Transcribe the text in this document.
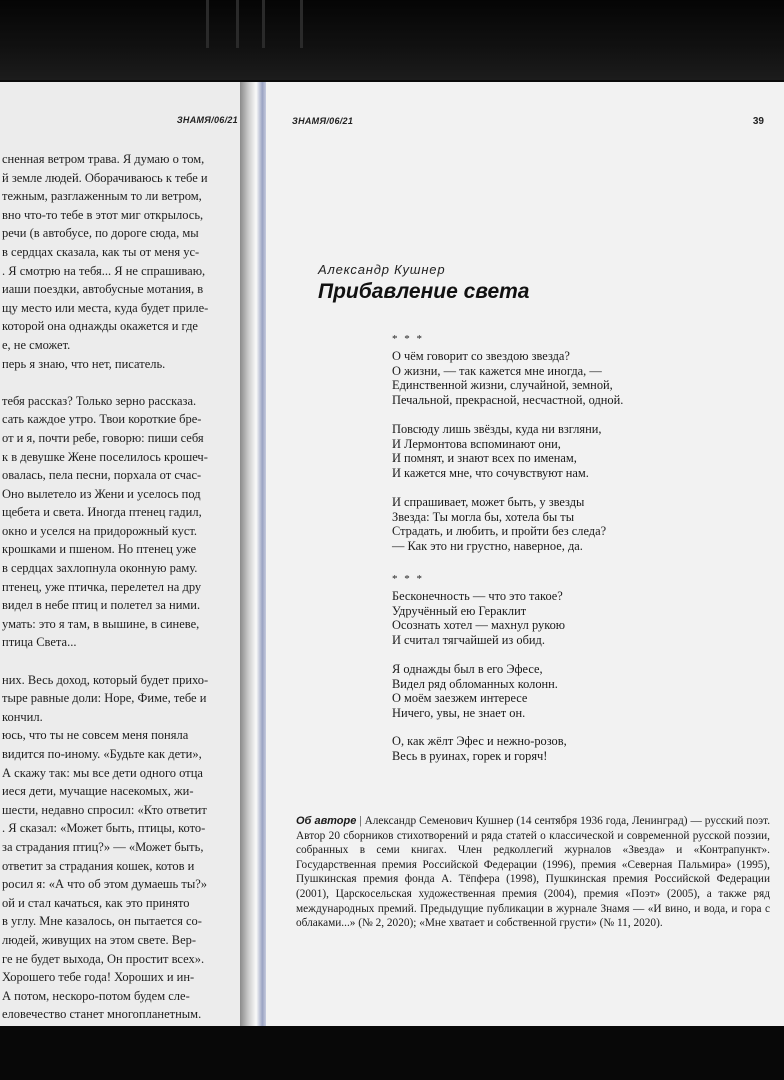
ЗНАМЯ/06/21
сненная ветром трава. Я думаю о том,
й земле людей. Оборачиваюсь к тебе и
тежным, разглаженным то ли ветром,
вно что-то тебе в этот миг открылось,
речи (в автобусе, по дороге сюда, мы
в сердцах сказала, как ты от меня ус-
. Я смотрю на тебя... Я не спрашиваю,
иаши поездки, автобусные мотания, в
щу место или места, куда будет приле-
которой она однажды окажется и где
е, не сможет.
перь я знаю, что нет, писатель.
тебя рассказ? Только зерно рассказа.
сать каждое утро. Твои короткие бре-
от и я, почти ребе, говорю: пиши себя
к в девушке Жене поселилось крошеч-
овалась, пела песни, порхала от счас-
Оно вылетело из Жени и уселось под
щебета и света. Иногда птенец гадил,
окно и уселся на придорожный куст.
крошками и пшеном. Но птенец уже
в сердцах захлопнула оконную раму.
птенец, уже птичка, перелетел на дру
видел в небе птиц и полетел за ними.
умать: это я там, в вышине, в синеве,
птица Света...
них. Весь доход, который будет прихо-
тыре равные доли: Норе, Фиме, тебе и
кончил.
юсь, что ты не совсем меня поняла
видится по-иному. «Будьте как дети»,
А скажу так: мы все дети одного отца
иеся дети, мучащие насекомых, жи-
шести, недавно спросил: «Кто ответит
. Я сказал: «Может быть, птицы, кото-
за страдания птиц?» — «Может быть,
ответит за страдания кошек, котов и
росил я: «А что об этом думаешь ты?»
ой и стал качаться, как это принято
в углу. Мне казалось, он пытается со-
людей, живущих на этом свете. Вер-
ге не будет выхода, Он простит всех».
Хорошего тебе года! Хороших и ин-
А потом, нескоро-потом будем сле-
еловечество станет многопланетным.
ЗНАМЯ/06/21	39
Александр Кушнер
Прибавление света
* * *
О чём говорит со звездою звезда?
О жизни, — так кажется мне иногда, —
Единственной жизни, случайной, земной,
Печальной, прекрасной, несчастной, одной.
Повсюду лишь звёзды, куда ни взгляни,
И Лермонтова вспоминают они,
И помнят, и знают всех по именам,
И кажется мне, что сочувствуют нам.
И спрашивает, может быть, у звезды
Звезда: Ты могла бы, хотела бы ты
Страдать, и любить, и пройти без следа?
— Как это ни грустно, наверное, да.
* * *
Бесконечность — что это такое?
Удручённый ею Гераклит
Осознать хотел — махнул рукою
И считал тягчайшей из обид.
Я однажды был в его Эфесе,
Видел ряд обломанных колонн.
О моём заезжем интересе
Ничего, увы, не знает он.
О, как жёлт Эфес и нежно-розов,
Весь в руинах, горек и горяч!
Об авторе | Александр Семенович Кушнер (14 сентября 1936 года, Ленинград) — русский поэт. Автор 20 сборников стихотворений и ряда статей о классической и современной русской поэзии, собранных в семи книгах. Член редколлегий журналов «Звезда» и «Контрапункт». Государственная премия Российской Федерации (1996), премия «Северная Пальмира» (1995), Пушкинская премия фонда А. Тёпфера (1998), Пушкинская премия Российской Федерации (2001), Царскосельская художественная премия (2004), премия «Поэт» (2005), а также ряд международных премий. Предыдущие публикации в журнале Знамя — «И вино, и вода, и гора с облаками...» (№ 2, 2020); «Мне хватает и собственной грусти» (№ 11, 2020).
